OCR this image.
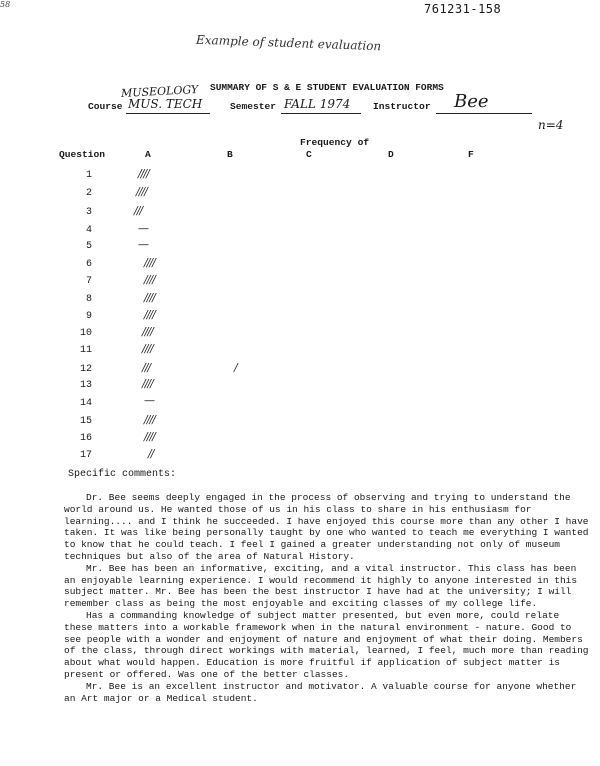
58	761231-158
Example of student evaluation
SUMMARY OF S & E STUDENT EVALUATION FORMS
MUSEOLOGY
Course MUS. TECH	Semester FALL 1974 Instructor Bee
n=4
Frequency of
Question	A	B	C	D	F
1	////
2	////
3	///
4	—
5	—
6	////
7	////
8	////
9	////
10	////
11	////
12	///	/
13	////
14	—
15	////
16	////
17	//
Specific comments:

Dr. Bee seems deeply engaged in the process of observing and trying to understand the world around us. He wanted those of us in his class to share in his enthusiasm for learning.... and I think he succeeded. I have enjoyed this course more than any other I have taken. It was like being personally taught by one who wanted to teach me everything I wanted to know that he could teach. I feel I gained a greater understanding not only of museum techniques but also of the area of Natural History.

Mr. Bee has been an informative, exciting, and a vital instructor. This class has been an enjoyable learning experience. I would recommend it highly to anyone interested in this subject matter. Mr. Bee has been the best instructor I have had at the university; I will remember class as being the most enjoyable and exciting classes of my college life.

Has a commanding knowledge of subject matter presented, but even more, could relate these matters into a workable framework when in the natural environment - nature. Good to see people with a wonder and enjoyment of nature and enjoyment of what their doing. Members of the class, through direct workings with material, learned, I feel, much more than reading about what would happen. Education is more fruitful if application of subject matter is present or offered. Was one of the better classes.

Mr. Bee is an excellent instructor and motivator. A valuable course for anyone whether an Art major or a Medical student.
